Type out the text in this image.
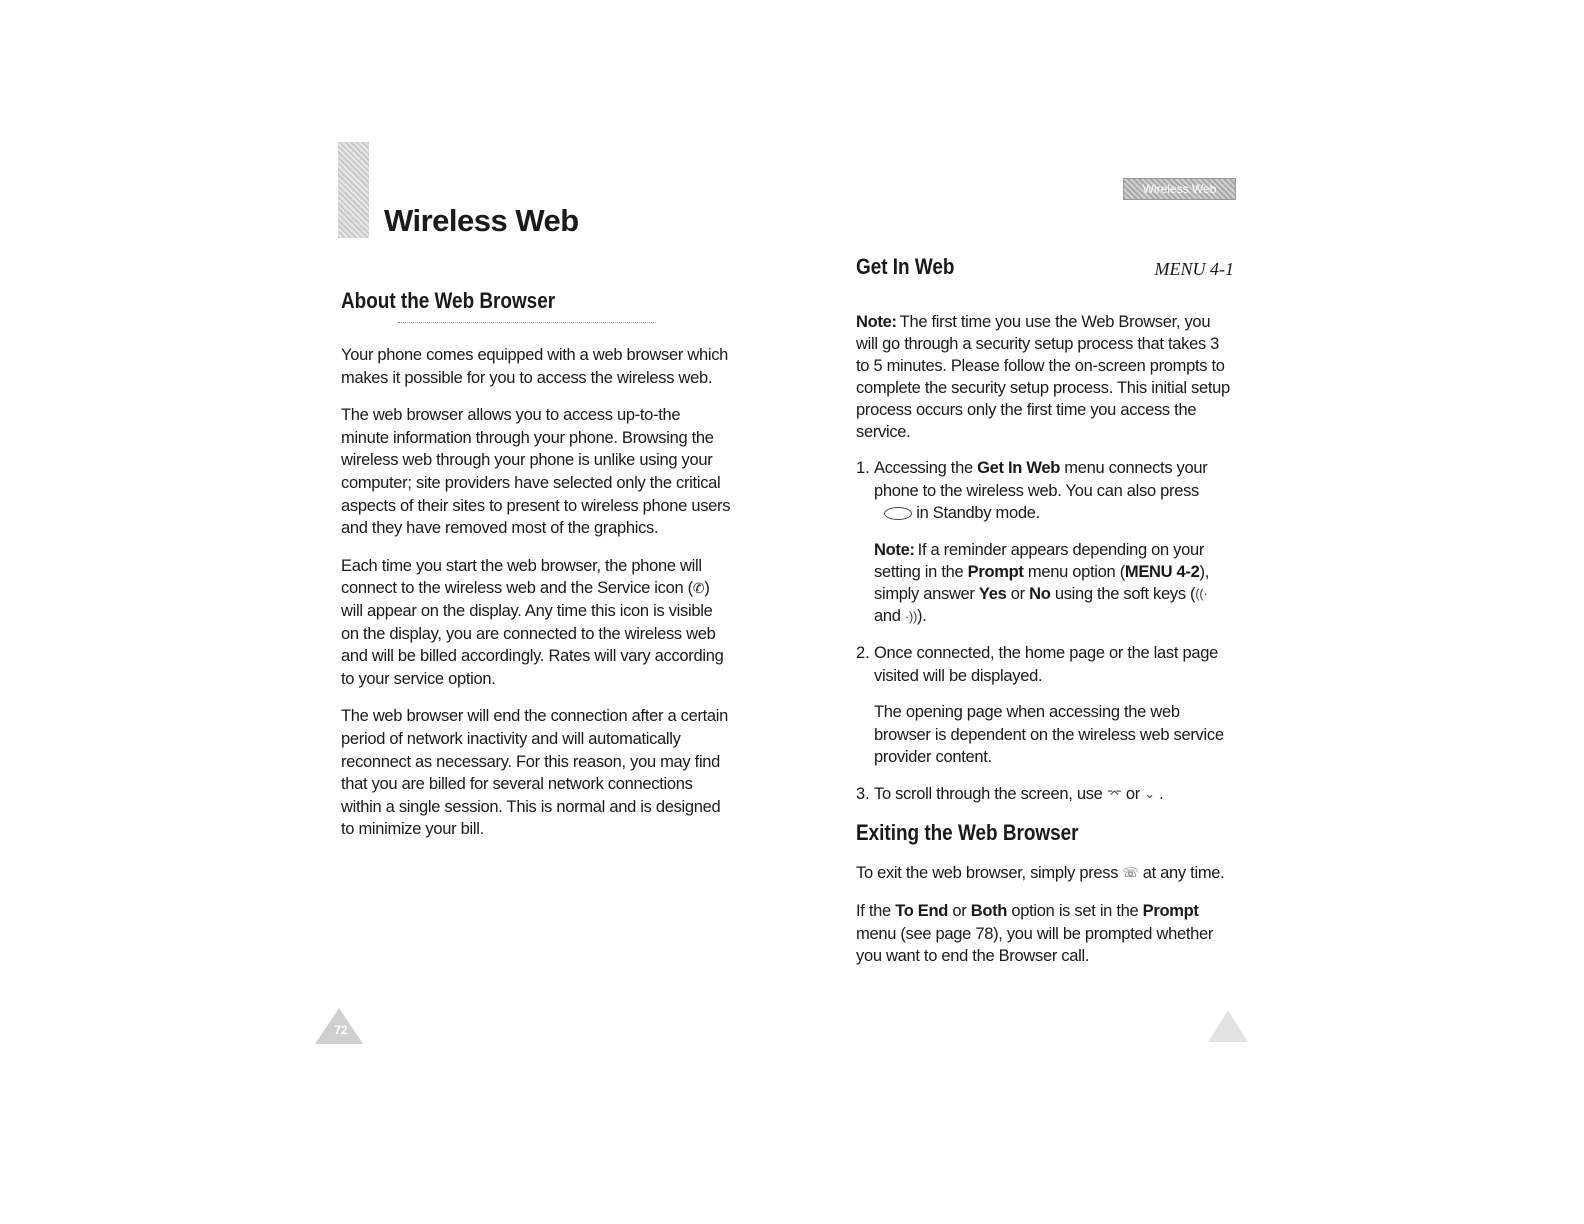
Wireless Web
About the Web Browser

Your phone comes equipped with a web browser which makes it possible for you to access the wireless web.

The web browser allows you to access up-to-the minute information through your phone. Browsing the wireless web through your phone is unlike using your computer; site providers have selected only the critical aspects of their sites to present to wireless phone users and they have removed most of the graphics.

Each time you start the web browser, the phone will connect to the wireless web and the Service icon (✆) will appear on the display. Any time this icon is visible on the display, you are connected to the wireless web and will be billed accordingly. Rates will vary according to your service option.

The web browser will end the connection after a certain period of network inactivity and will automatically reconnect as necessary. For this reason, you may find that you are billed for several network connections within a single session. This is normal and is designed to minimize your bill.

72
Wireless Web
Get In Web	MENU 4-1
Note: The first time you use the Web Browser, you will go through a security setup process that takes 3 to 5 minutes. Please follow the on-screen prompts to complete the security setup process. This initial setup process occurs only the first time you access the service.
1. Accessing the Get In Web menu connects your phone to the wireless web. You can also press in Standby mode.
Note: If a reminder appears depending on your setting in the Prompt menu option (MENU 4-2), simply answer Yes or No using the soft keys (((· and ·))).
2. Once connected, the home page or the last page visited will be displayed.

The opening page when accessing the web browser is dependent on the wireless web service provider content.

3. To scroll through the screen, use ⌤ or ⌄ .
Exiting the Web Browser

To exit the web browser, simply press ☏ at any time.

If the To End or Both option is set in the Prompt menu (see page 78), you will be prompted whether you want to end the Browser call.
